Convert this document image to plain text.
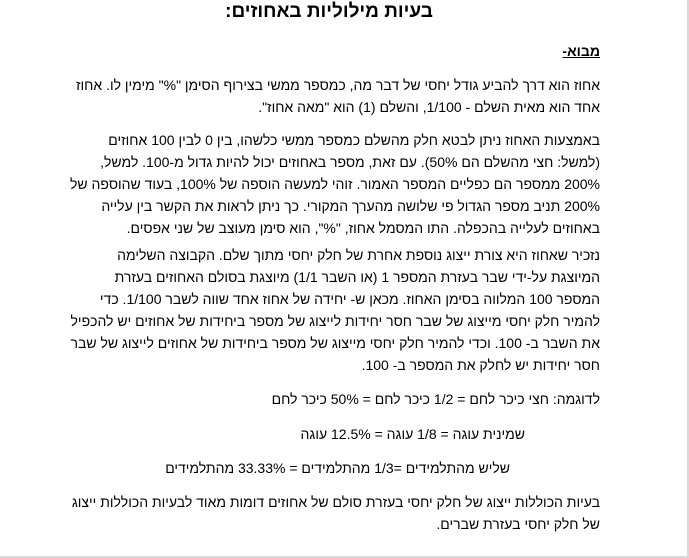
בעיות מילוליות באחוזים:
מבוא-

אחוז הוא דרך להביע גודל יחסי של דבר מה, כמספר ממשי בצירוף הסימן "%" מימין לו. אחוז אחד הוא מאית השלם - 1/100, והשלם (1) הוא "מאה אחוז".

באמצעות האחוז ניתן לבטא חלק מהשלם כמספר ממשי כלשהו, בין 0 לבין 100 אחוזים (למשל: חצי מהשלם הם 50%). עם זאת, מספר באחוזים יכול להיות גדול מ-100. למשל, 200% ממספר הם כפליים המספר האמור. זוהי למעשה הוספה של 100%, בעוד שהוספה של 200% תניב מספר הגדול פי שלושה מהערך המקורי. כך ניתן לראות את הקשר בין עלייה באחוזים לעלייה בהכפלה. התו המסמל אחוז, "%", הוא סימן מעוצב של שני אפסים.

נזכיר שאחוז היא צורת ייצוג נוספת אחרת של חלק יחסי מתוך שלם. הקבוצה השלימה המיוצגת על-ידי שבר בעזרת המספר 1 (או השבר 1/1) מיוצגת בסולם האחוזים בעזרת המספר 100 המלווה בסימן האחוז. מכאן ש- יחידה של אחוז אחד שווה לשבר 1/100. כדי להמיר חלק יחסי מייצוג של שבר חסר יחידות לייצוג של מספר ביחידות של אחוזים יש להכפיל את השבר ב- 100. וכדי להמיר חלק יחסי מייצוג של מספר ביחידות של אחוזים לייצוג של שבר חסר יחידות יש לחלק את המספר ב- 100.

לדוגמה: חצי כיכר לחם = 1/2 כיכר לחם = 50% כיכר לחם
שמינית עוגה = 1/8 עוגה = 12.5% עוגה
שליש מהתלמידים =1/3 מהתלמידים = 33.33% מהתלמידים

בעיות הכוללות ייצוג של חלק יחסי בעזרת סולם של אחוזים דומות מאוד לבעיות הכוללות ייצוג של חלק יחסי בעזרת שברים.
